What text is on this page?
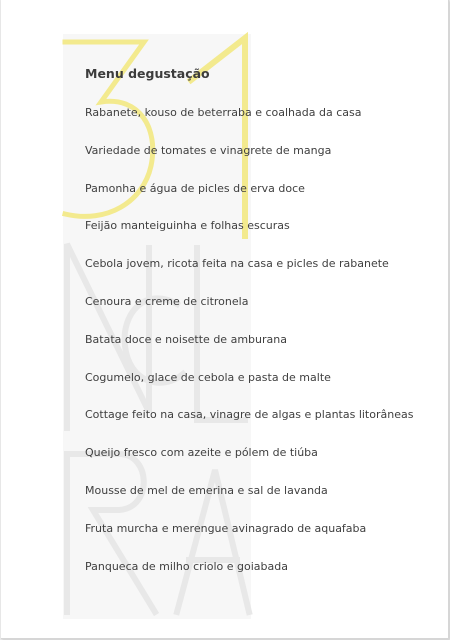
Menu degustação
Rabanete, kouso de beterraba e coalhada da casa
Variedade de tomates e vinagrete de manga
Pamonha e água de picles de erva doce
Feijão manteiguinha e folhas escuras
Cebola jovem, ricota feita na casa e picles de rabanete
Cenoura e creme de citronela
Batata doce e noisette de amburana
Cogumelo, glace de cebola e pasta de malte
Cottage feito na casa, vinagre de algas e plantas litorâneas
Queijo fresco com azeite e pólem de tiúba
Mousse de mel de emerina e sal de lavanda
Fruta murcha e merengue avinagrado de aquafaba
Panqueca de milho criolo e goiabada
